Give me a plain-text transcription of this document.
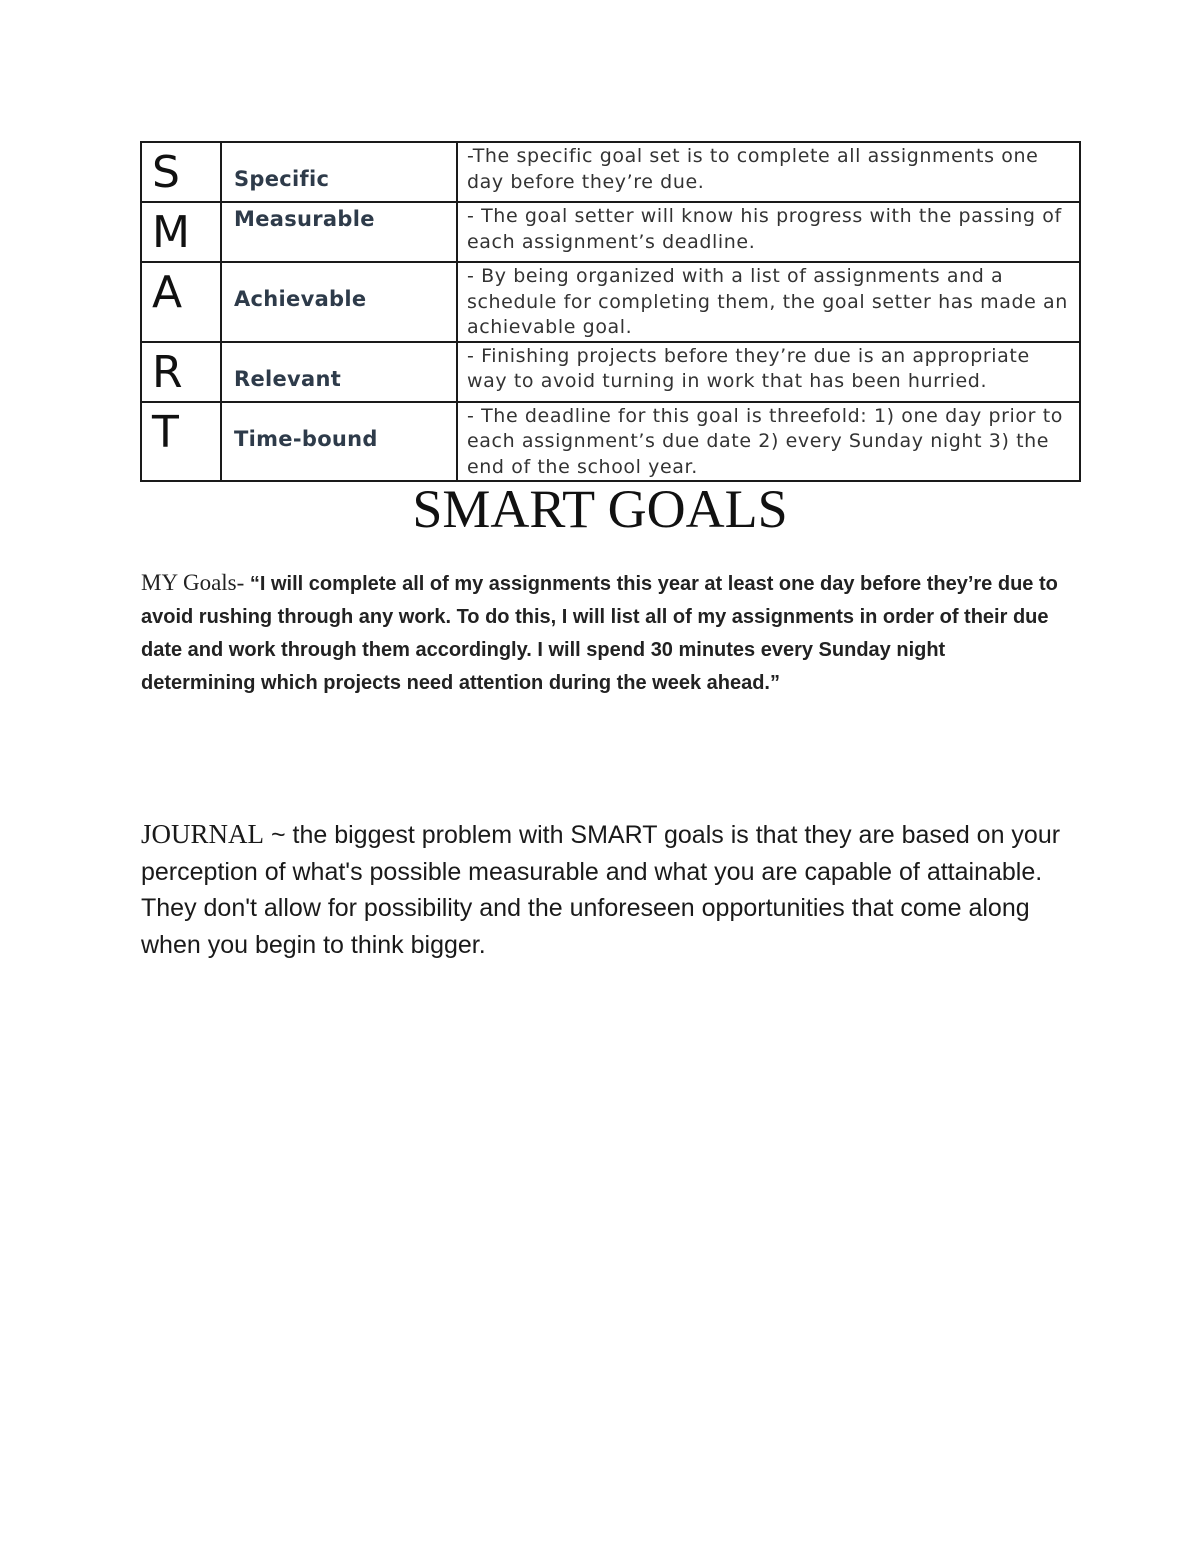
S	Specific	-The specific goal set is to complete all assignments one day before they’re due.
M	Measurable	- The goal setter will know his progress with the passing of each assignment’s deadline.
A	Achievable	- By being organized with a list of assignments and a schedule for completing them, the goal setter has made an achievable goal.
R	Relevant	- Finishing projects before they’re due is an appropriate way to avoid turning in work that has been hurried.
T	Time-bound	- The deadline for this goal is threefold: 1) one day prior to each assignment’s due date 2) every Sunday night 3) the end of the school year.
SMART GOALS

MY Goals- “I will complete all of my assignments this year at least one day before they’re due to avoid rushing through any work. To do this, I will list all of my assignments in order of their due date and work through them accordingly. I will spend 30 minutes every Sunday night determining which projects need attention during the week ahead.”

JOURNAL ~ the biggest problem with SMART goals is that they are based on your perception of what's possible measurable and what you are capable of attainable. They don't allow for possibility and the unforeseen opportunities that come along when you begin to think bigger.
